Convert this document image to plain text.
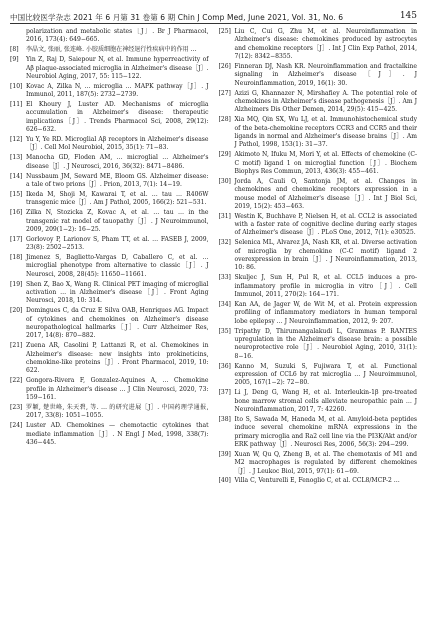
中国比较医学杂志 2021 年 6 月第 31 卷第 6 期 Chin J Comp Med, June 2021, Vol. 31, No. 6	145
polarization and metabolic states［J］. Br J Pharmacol, 2016, 173(4): 649−665.
[8]	李晶文, 张丽, 张连峰. 小胶质细胞在神经退行性疾病中的作用 …
[9]	Yin Z, Raj D, Saiepour N, et al. Immune hyperreactivity of Aβ plaque-associated microglia in Alzheimer's disease［J］. Neurobiol Aging, 2017, 55: 115−122.
[10] Kovac A, Zilka N, … microglia … MAPK pathway［J］. J Immunol, 2011, 187(5): 2732−2739.
[11] El Khoury J, Luster AD. Mechanisms of microglia accumulation in Alzheimer's disease: therapeutic implications［J］. Trends Pharmacol Sci, 2008, 29(12): 626−632.
[12] Yu Y, Ye RD. Microglial Aβ receptors in Alzheimer's disease［J］. Cell Mol Neurobiol, 2015, 35(1): 71−83.
[13] Manocha GD, Floden AM, … microglial … Alzheimer's disease［J］. J Neurosci, 2016, 36(32): 8471−8486.
[14] Nussbaum JM, Seward ME, Bloom GS. Alzheimer disease: a tale of two prions［J］. Prion, 2013, 7(1): 14−19.
[15] Ikeda M, Shoji M, Kawarai T, et al. … tau … R406W transgenic mice［J］. Am J Pathol, 2005, 166(2): 521−531.
[16] Zilka N, Stozicka Z, Kovac A, et al. … tau … in the transgenic rat model of tauopathy［J］. J Neuroimmunol, 2009, 209(1−2): 16−25.
[17] Gorlovoy P, Larionov S, Pham TT, et al. … FASEB J, 2009, 23(8): 2502−2513.
[18] Jimenez S, Baglietto-Vargas D, Caballero C, et al. … microglial phenotype from alternative to classic［J］. J Neurosci, 2008, 28(45): 11650−11661.
[19] Shen Z, Bao X, Wang R. Clinical PET imaging of microglial activation … in Alzheimer's disease［J］. Front Aging Neurosci, 2018, 10: 314.
[20] Domingues C, da Cruz E Silva OAB, Henriques AG. Impact of cytokines and chemokines on Alzheimer's disease neuropathological hallmarks［J］. Curr Alzheimer Res, 2017, 14(8): 870−882.
[21] Zuena AR, Casolini P, Lattanzi R, et al. Chemokines in Alzheimer's disease: new insights into prokineticins, chemokine-like proteins［J］. Front Pharmacol, 2019, 10: 622.
[22] Gongora-Rivera F, Gonzalez-Aquines A, … Chemokine profile in Alzheimer's disease … J Clin Neurosci, 2020, 73: 159−161.
[23] 罗颖, 楚世峰, 朱天碧, 等. … 的研究进展［J］. 中国药理学通报, 2017, 33(8): 1051−1055.
[24] Luster AD. Chemokines — chemotactic cytokines that mediate inflammation［J］. N Engl J Med, 1998, 338(7): 436−445.
[25] Liu C, Cui G, Zhu M, et al. Neuroinflammation in Alzheimer's disease: chemokines produced by astrocytes and chemokine receptors［J］. Int J Clin Exp Pathol, 2014, 7(12): 8342−8355.
[26] Finneran DJ, Nash KR. Neuroinflammation and fractalkine signaling in Alzheimer's disease［J］. J Neuroinflammation, 2019, 16(1): 30.
[27] Azizi G, Khannazer N, Mirshafiey A. The potential role of chemokines in Alzheimer's disease pathogenesis［J］. Am J Alzheimers Dis Other Demen, 2014, 29(5): 415−425.
[28] Xia MQ, Qin SX, Wu LJ, et al. Immunohistochemical study of the beta-chemokine receptors CCR3 and CCR5 and their ligands in normal and Alzheimer's disease brains［J］. Am J Pathol, 1998, 153(1): 31−37.
[29] Akimoto N, Ifuku M, Mori Y, et al. Effects of chemokine (C-C motif) ligand 1 on microglial function［J］. Biochem Biophys Res Commun, 2013, 436(3): 455−461.
[30] Jorda A, Cauli O, Santonja JM, et al. Changes in chemokines and chemokine receptors expression in a mouse model of Alzheimer's disease［J］. Int J Biol Sci, 2019, 15(2): 453−463.
[31] Westin K, Buchhave P, Nielsen H, et al. CCL2 is associated with a faster rate of cognitive decline during early stages of Alzheimer's disease［J］. PLoS One, 2012, 7(1): e30525.
[32] Selenica ML, Alvarez JA, Nash KR, et al. Diverse activation of microglia by chemokine (C-C motif) ligand 2 overexpression in brain［J］. J Neuroinflammation, 2013, 10: 86.
[33] Skuljec J, Sun H, Pul R, et al. CCL5 induces a pro-inflammatory profile in microglia in vitro［J］. Cell Immunol, 2011, 270(2): 164−171.
[34] Kan AA, de Jager W, de Wit M, et al. Protein expression profiling of inflammatory mediators in human temporal lobe epilepsy … J Neuroinflammation, 2012, 9: 207.
[35] Tripathy D, Thirumangalakudi L, Grammas P. RANTES upregulation in the Alzheimer's disease brain: a possible neuroprotective role［J］. Neurobiol Aging, 2010, 31(1): 8−16.
[36] Kanno M, Suzuki S, Fujiwara T, et al. Functional expression of CCL6 by rat microglia … J Neuroimmunol, 2005, 167(1−2): 72−80.
[37] Li J, Deng G, Wang H, et al. Interleukin-1β pre-treated bone marrow stromal cells alleviate neuropathic pain … J Neuroinflammation, 2017, 7: 42260.
[38] Ito S, Sawada M, Haneda M, et al. Amyloid-beta peptides induce several chemokine mRNA expressions in the primary microglia and Ra2 cell line via the PI3K/Akt and/or ERK pathway［J］. Neurosci Res, 2006, 56(3): 294−299.
[39] Xuan W, Qu Q, Zheng B, et al. The chemotaxis of M1 and M2 macrophages is regulated by different chemokines［J］. J Leukoc Biol, 2015, 97(1): 61−69.
[40] Villa C, Venturelli E, Fenoglio C, et al. CCL8/MCP-2 …
